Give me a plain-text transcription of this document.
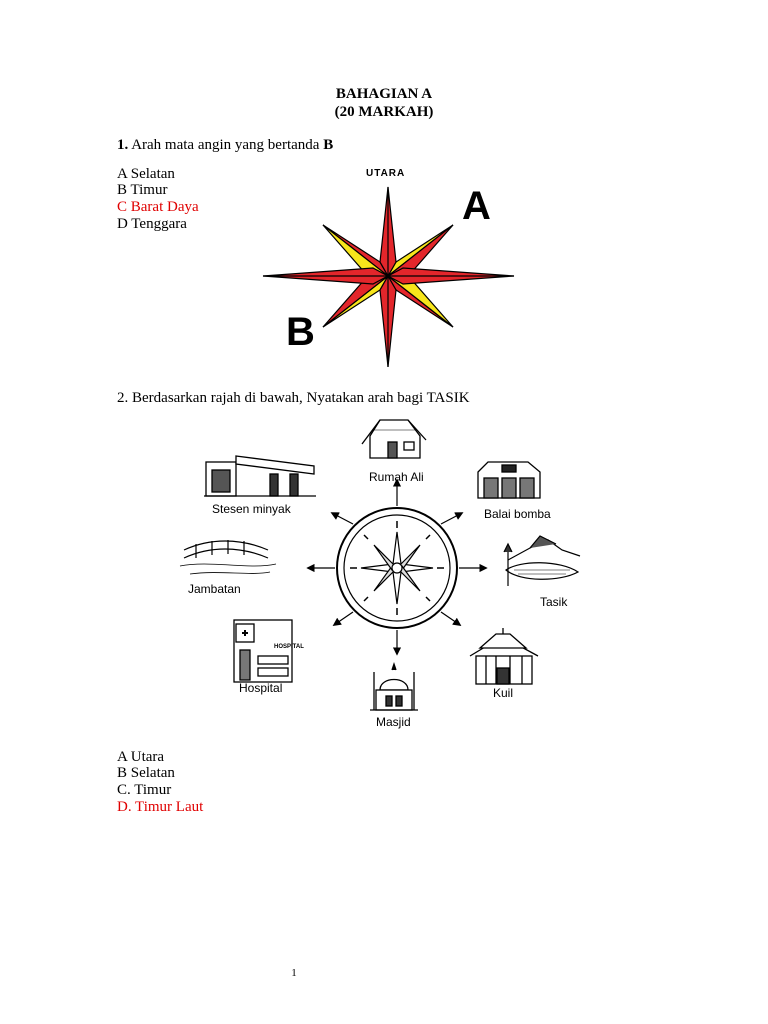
BAHAGIAN A
(20 MARKAH)
1. Arah mata angin yang bertanda B
A Selatan
B Timur
C Barat Daya
D Tenggara
UTARA
A
B
2. Berdasarkan rajah di bawah, Nyatakan arah bagi TASIK
HOSPITAL
Rumah Ali
Balai bomba
Tasik
Kuil
Masjid
Hospital
Jambatan
Stesen minyak
A Utara
B Selatan
C. Timur
D. Timur Laut
1
